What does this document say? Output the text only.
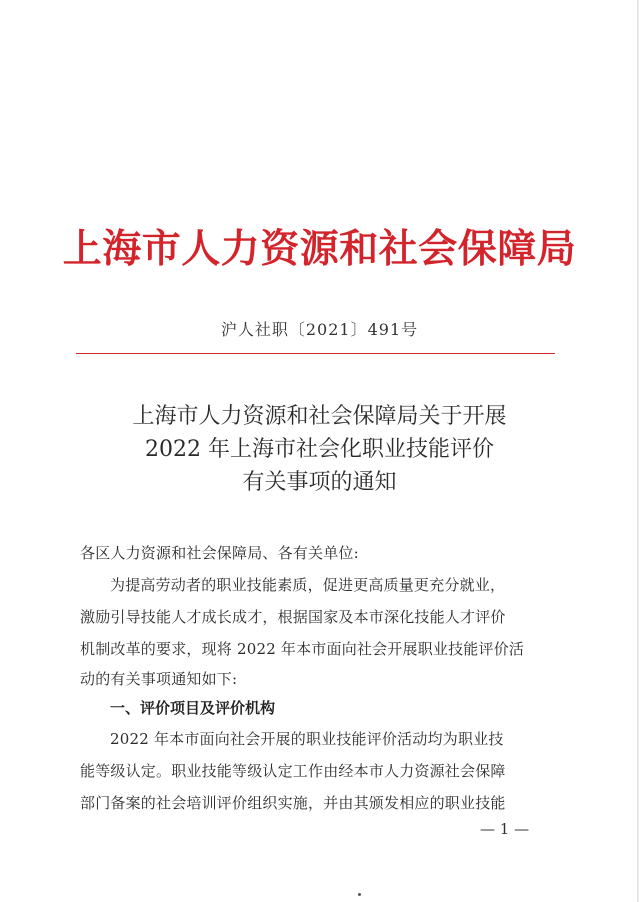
上海市人力资源和社会保障局
沪人社职〔2021〕491号
上海市人力资源和社会保障局关于开展
2022 年上海市社会化职业技能评价
有关事项的通知
各区人力资源和社会保障局、各有关单位:
为提高劳动者的职业技能素质，促进更高质量更充分就业，
激励引导技能人才成长成才，根据国家及本市深化技能人才评价
机制改革的要求，现将 2022 年本市面向社会开展职业技能评价活
动的有关事项通知如下:
一、评价项目及评价机构
2022 年本市面向社会开展的职业技能评价活动均为职业技
能等级认定。职业技能等级认定工作由经本市人力资源社会保障
部门备案的社会培训评价组织实施，并由其颁发相应的职业技能
— 1 —
